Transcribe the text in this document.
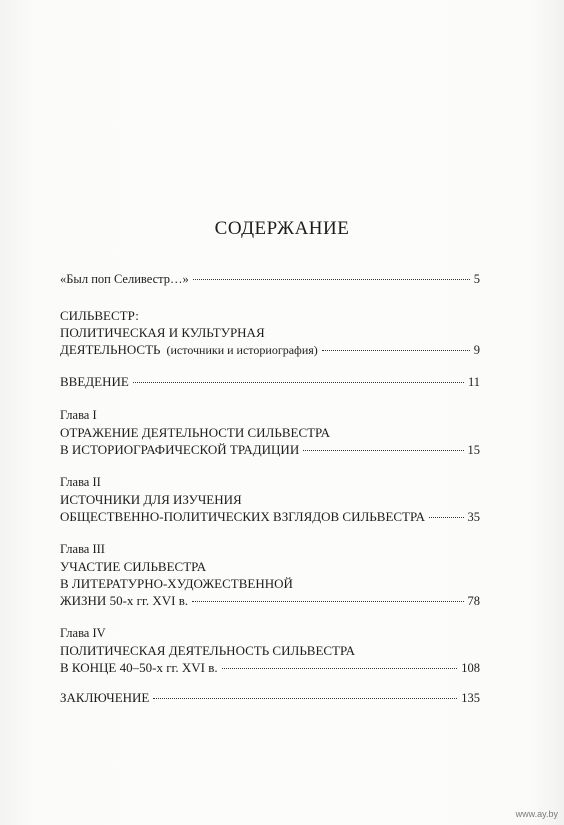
СОДЕРЖАНИЕ
«Был поп Селивестр…»	5
СИЛЬВЕСТР:
ПОЛИТИЧЕСКАЯ И КУЛЬТУРНАЯ
ДЕЯТЕЛЬНОСТЬ (источники и историография)	9
ВВЕДЕНИЕ	11
Глава I
ОТРАЖЕНИЕ ДЕЯТЕЛЬНОСТИ СИЛЬВЕСТРА
В ИСТОРИОГРАФИЧЕСКОЙ ТРАДИЦИИ	15
Глава II
ИСТОЧНИКИ ДЛЯ ИЗУЧЕНИЯ
ОБЩЕСТВЕННО-ПОЛИТИЧЕСКИХ ВЗГЛЯДОВ СИЛЬВЕСТРА	35
Глава III
УЧАСТИЕ СИЛЬВЕСТРА
В ЛИТЕРАТУРНО-ХУДОЖЕСТВЕННОЙ
ЖИЗНИ 50-х гг. XVI в.	78
Глава IV
ПОЛИТИЧЕСКАЯ ДЕЯТЕЛЬНОСТЬ СИЛЬВЕСТРА
В КОНЦЕ 40–50-х гг. XVI в.	108
ЗАКЛЮЧЕНИЕ	135
www.ay.by
